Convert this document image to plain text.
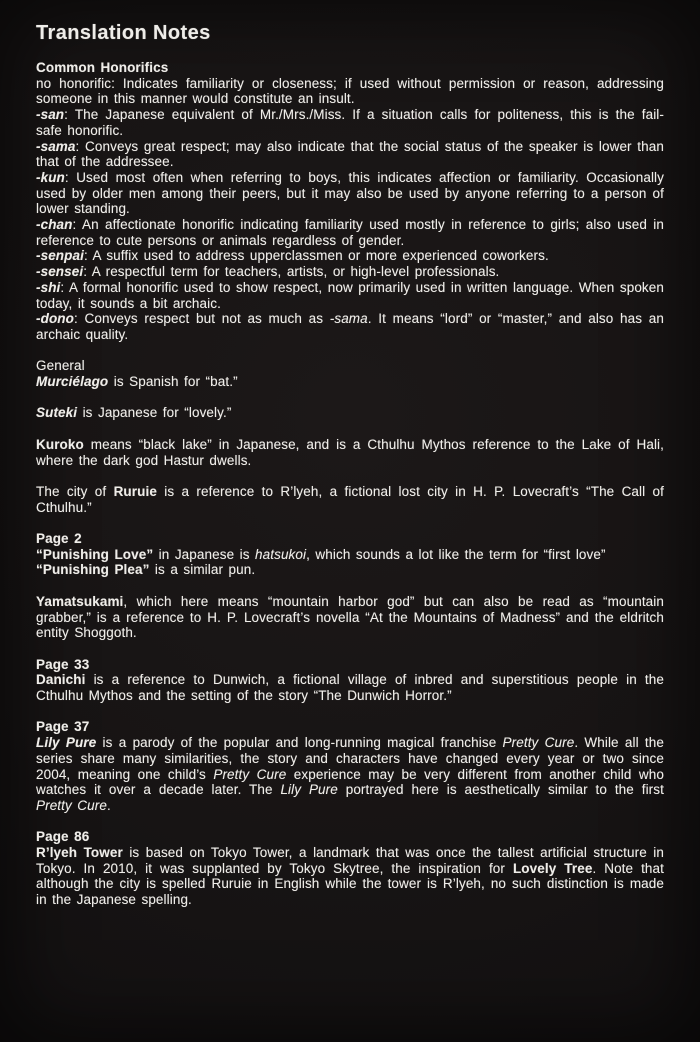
Translation Notes

Common Honorifics

no honorific: Indicates familiarity or closeness; if used without permission or reason, addressing someone in this manner would constitute an insult.

-san: The Japanese equivalent of Mr./Mrs./Miss. If a situation calls for politeness, this is the fail-safe honorific.

-sama: Conveys great respect; may also indicate that the social status of the speaker is lower than that of the addressee.

-kun: Used most often when referring to boys, this indicates affection or familiarity. Occasionally used by older men among their peers, but it may also be used by anyone referring to a person of lower standing.

-chan: An affectionate honorific indicating familiarity used mostly in reference to girls; also used in reference to cute persons or animals regardless of gender.

-senpai: A suffix used to address upperclassmen or more experienced coworkers.

-sensei: A respectful term for teachers, artists, or high-level professionals.

-shi: A formal honorific used to show respect, now primarily used in written language. When spoken today, it sounds a bit archaic.

-dono: Conveys respect but not as much as -sama. It means “lord” or “master,” and also has an archaic quality.

General

Murciélago is Spanish for “bat.”

Suteki is Japanese for “lovely.”

Kuroko means “black lake” in Japanese, and is a Cthulhu Mythos reference to the Lake of Hali, where the dark god Hastur dwells.

The city of Ruruie is a reference to R’lyeh, a fictional lost city in H. P. Lovecraft’s “The Call of Cthulhu.”

Page 2

“Punishing Love” in Japanese is hatsukoi, which sounds a lot like the term for “first love”

“Punishing Plea” is a similar pun.

Yamatsukami, which here means “mountain harbor god” but can also be read as “mountain grabber,” is a reference to H. P. Lovecraft’s novella “At the Mountains of Madness” and the eldritch entity Shoggoth.

Page 33

Danichi is a reference to Dunwich, a fictional village of inbred and superstitious people in the Cthulhu Mythos and the setting of the story “The Dunwich Horror.”

Page 37

Lily Pure is a parody of the popular and long-running magical franchise Pretty Cure. While all the series share many similarities, the story and characters have changed every year or two since 2004, meaning one child’s Pretty Cure experience may be very different from another child who watches it over a decade later. The Lily Pure portrayed here is aesthetically similar to the first Pretty Cure.

Page 86

R’lyeh Tower is based on Tokyo Tower, a landmark that was once the tallest artificial structure in Tokyo. In 2010, it was supplanted by Tokyo Skytree, the inspiration for Lovely Tree. Note that although the city is spelled Ruruie in English while the tower is R’lyeh, no such distinction is made in the Japanese spelling.
